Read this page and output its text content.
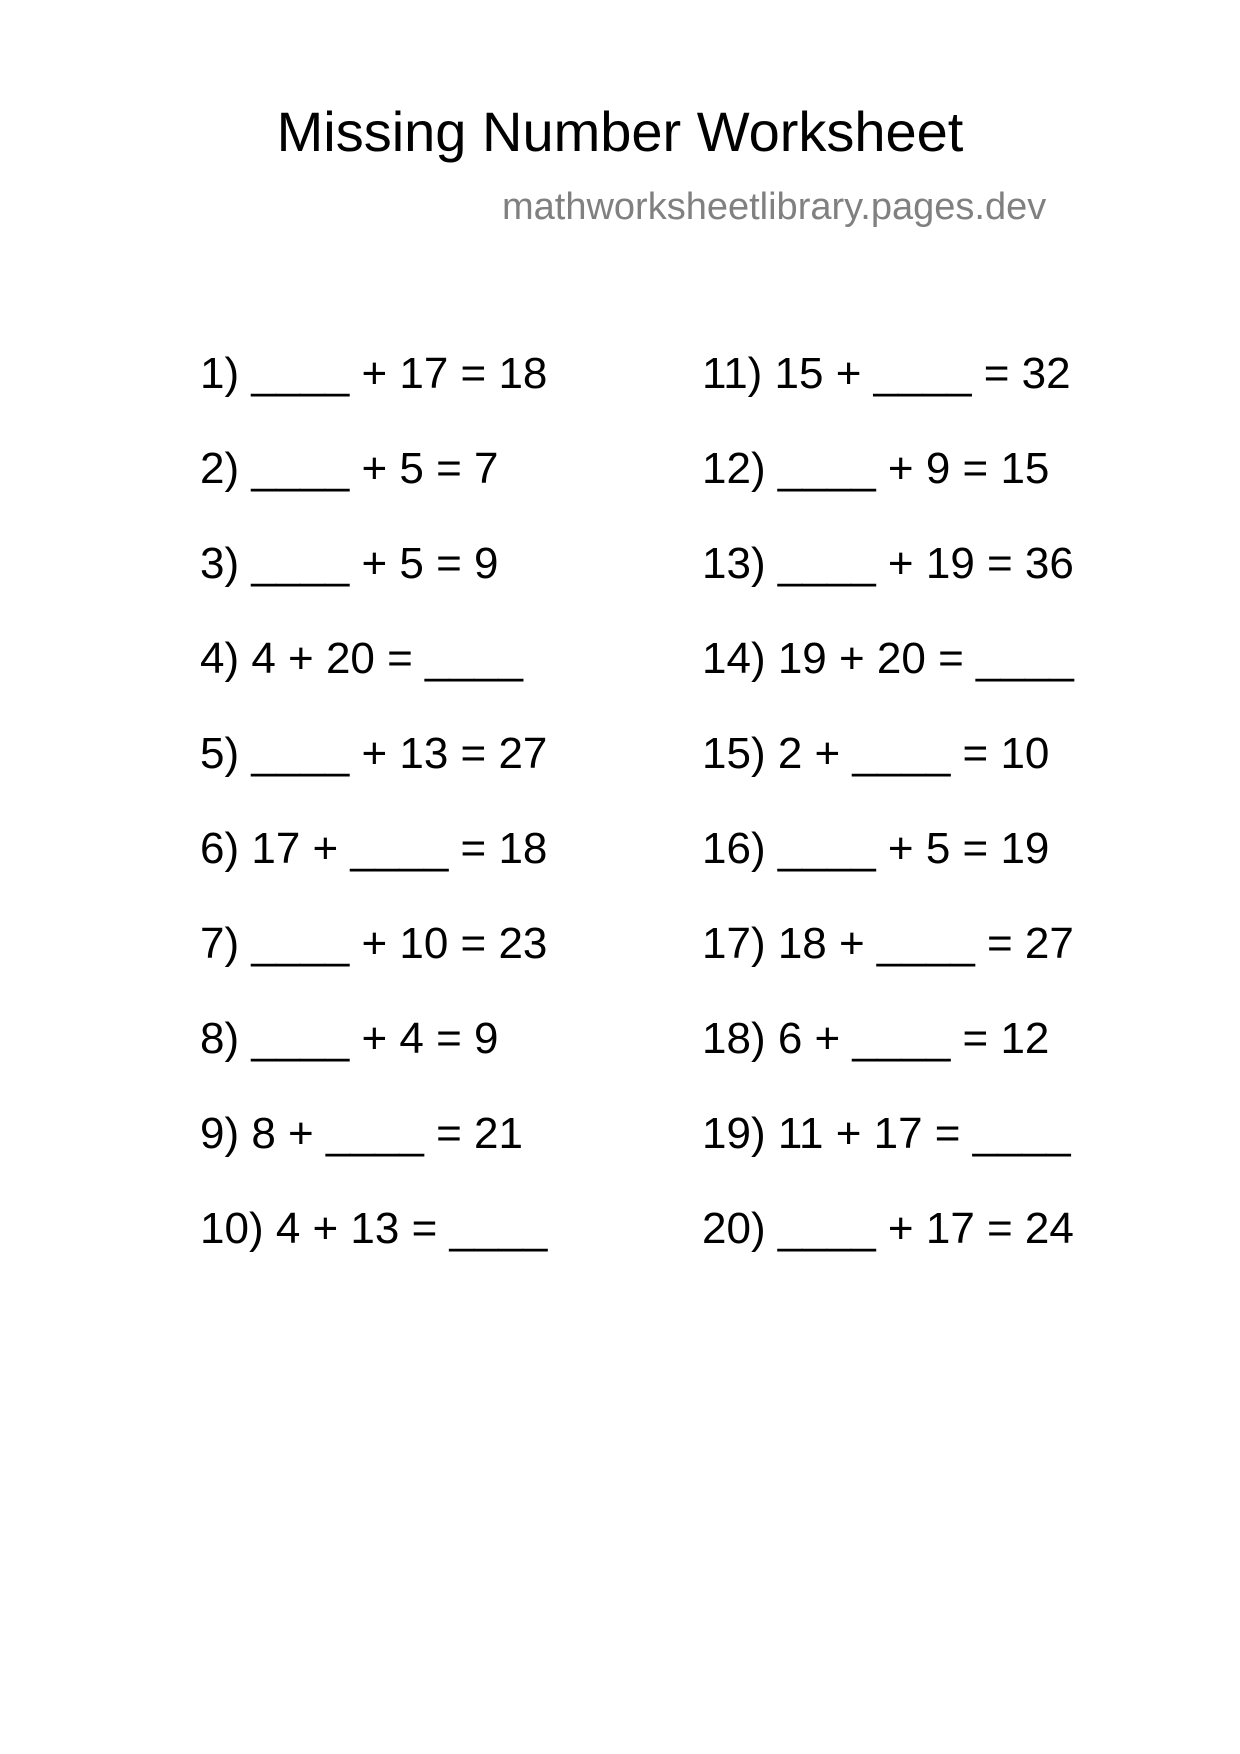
Missing Number Worksheet
mathworksheetlibrary.pages.dev
1) ____ + 17 = 18
2) ____ + 5 = 7
3) ____ + 5 = 9
4) 4 + 20 = ____
5) ____ + 13 = 27
6) 17 + ____ = 18
7) ____ + 10 = 23
8) ____ + 4 = 9
9) 8 + ____ = 21
10) 4 + 13 = ____
11) 15 + ____ = 32
12) ____ + 9 = 15
13) ____ + 19 = 36
14) 19 + 20 = ____
15) 2 + ____ = 10
16) ____ + 5 = 19
17) 18 + ____ = 27
18) 6 + ____ = 12
19) 11 + 17 = ____
20) ____ + 17 = 24
